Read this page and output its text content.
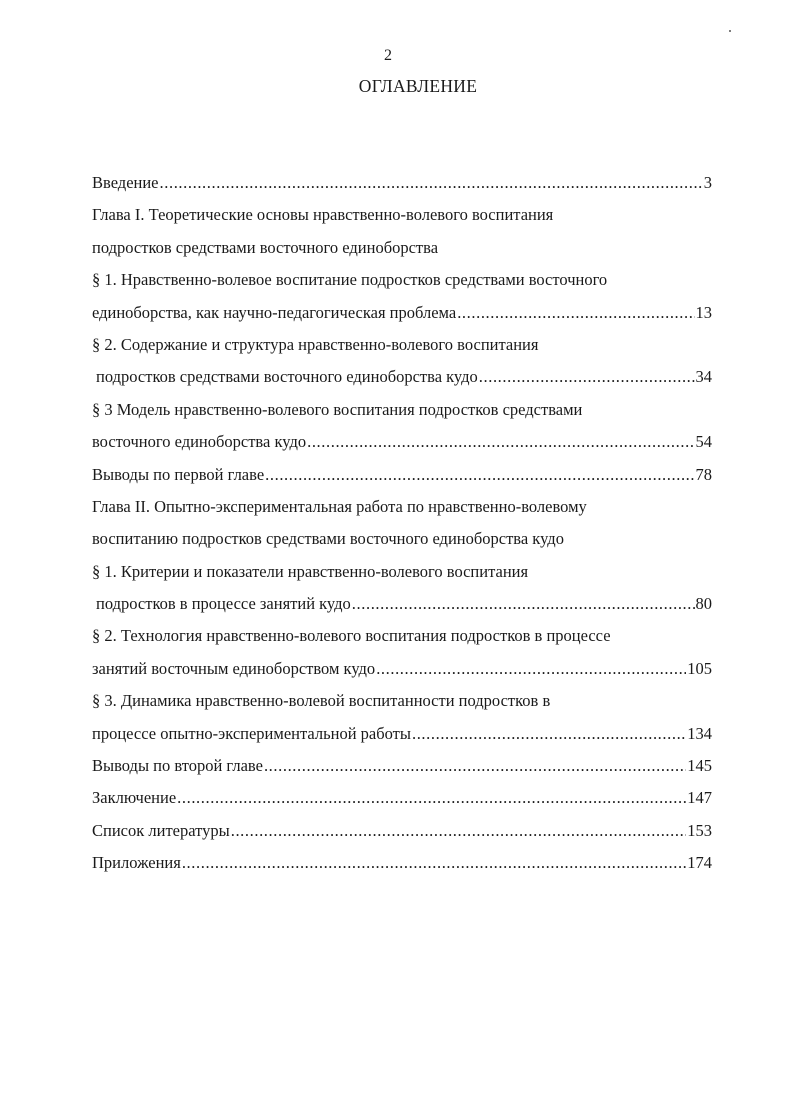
2
ОГЛАВЛЕНИЕ
Введение .....	3
Глава I. Теоретические основы нравственно-волевого воспитания
подростков средствами восточного единоборства
§ 1. Нравственно-волевое воспитание подростков средствами восточного
единоборства, как научно-педагогическая проблема .....	13
§ 2. Содержание и структура нравственно-волевого воспитания
подростков средствами восточного единоборства кудо .....	34
§ 3 Модель нравственно-волевого воспитания подростков средствами
восточного единоборства кудо .....	54
Выводы по первой главе .....	78
Глава II. Опытно-экспериментальная работа по нравственно-волевому
воспитанию подростков средствами восточного единоборства кудо
§ 1. Критерии и показатели нравственно-волевого воспитания
подростков в процессе занятий кудо .....	80
§ 2. Технология нравственно-волевого воспитания подростков в процессе
занятий восточным единоборством кудо .....	105
§ 3. Динамика нравственно-волевой воспитанности подростков в
процессе опытно-экспериментальной работы .....	134
Выводы по второй главе .....	145
Заключение .....	147
Список литературы .....	153
Приложения .....	174
